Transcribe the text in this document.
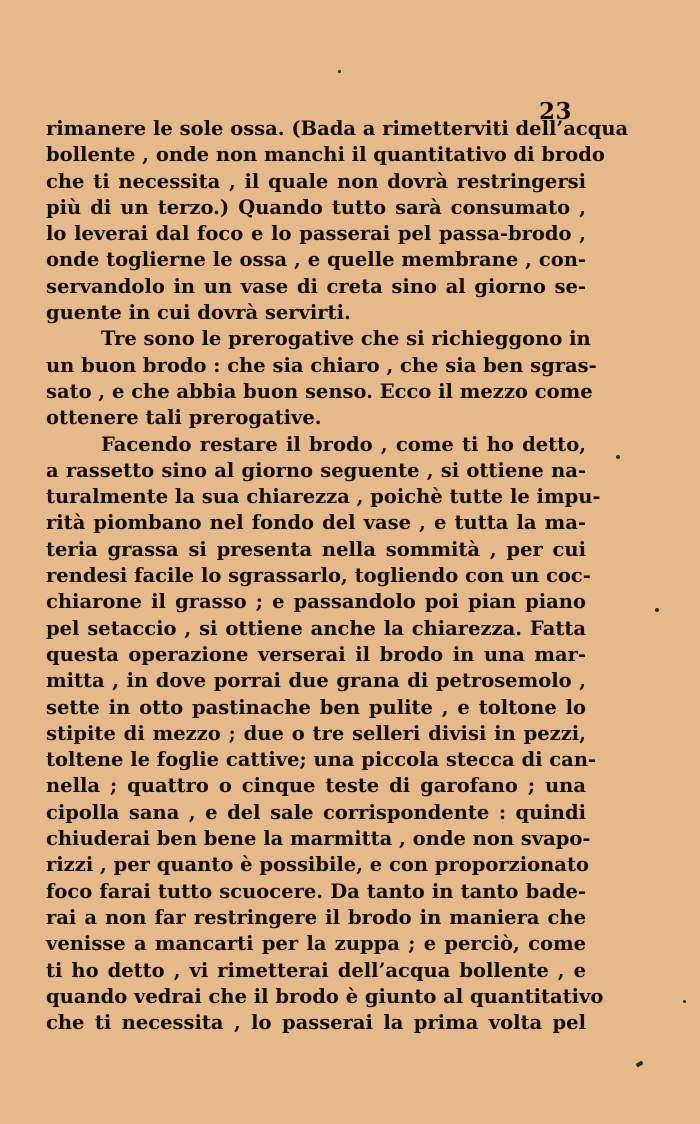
23
rimanere le sole ossa. (Bada a rimetterviti dell’acqua
bollente , onde non manchi il quantitativo di brodo
che ti necessita , il quale non dovrà restringersi
più di un terzo.) Quando tutto sarà consumato ,
lo leverai dal foco e lo passerai pel passa-brodo ,
onde toglierne le ossa , e quelle membrane , con-
servandolo in un vase di creta sino al giorno se-
guente in cui dovrà servirti.
Tre sono le prerogative che si richieggono in
un buon brodo : che sia chiaro , che sia ben sgras-
sato , e che abbia buon senso. Ecco il mezzo come
ottenere tali prerogative.
Facendo restare il brodo , come ti ho detto,
a rassetto sino al giorno seguente , si ottiene na-
turalmente la sua chiarezza , poichè tutte le impu-
rità piombano nel fondo del vase , e tutta la ma-
teria grassa si presenta nella sommità , per cui
rendesi facile lo sgrassarlo, togliendo con un coc-
chiarone il grasso ; e passandolo poi pian piano
pel setaccio , si ottiene anche la chiarezza. Fatta
questa operazione verserai il brodo in una mar-
mitta , in dove porrai due grana di petrosemolo ,
sette in otto pastinache ben pulite , e toltone lo
stipite di mezzo ; due o tre selleri divisi in pezzi,
toltene le foglie cattive; una piccola stecca di can-
nella ; quattro o cinque teste di garofano ; una
cipolla sana , e del sale corrispondente : quindi
chiuderai ben bene la marmitta , onde non svapo-
rizzi , per quanto è possibile, e con proporzionato
foco farai tutto scuocere. Da tanto in tanto bade-
rai a non far restringere il brodo in maniera che
venisse a mancarti per la zuppa ; e perciò, come
ti ho detto , vi rimetterai dell’acqua bollente , e
quando vedrai che il brodo è giunto al quantitativo
che ti necessita , lo passerai la prima volta pel
